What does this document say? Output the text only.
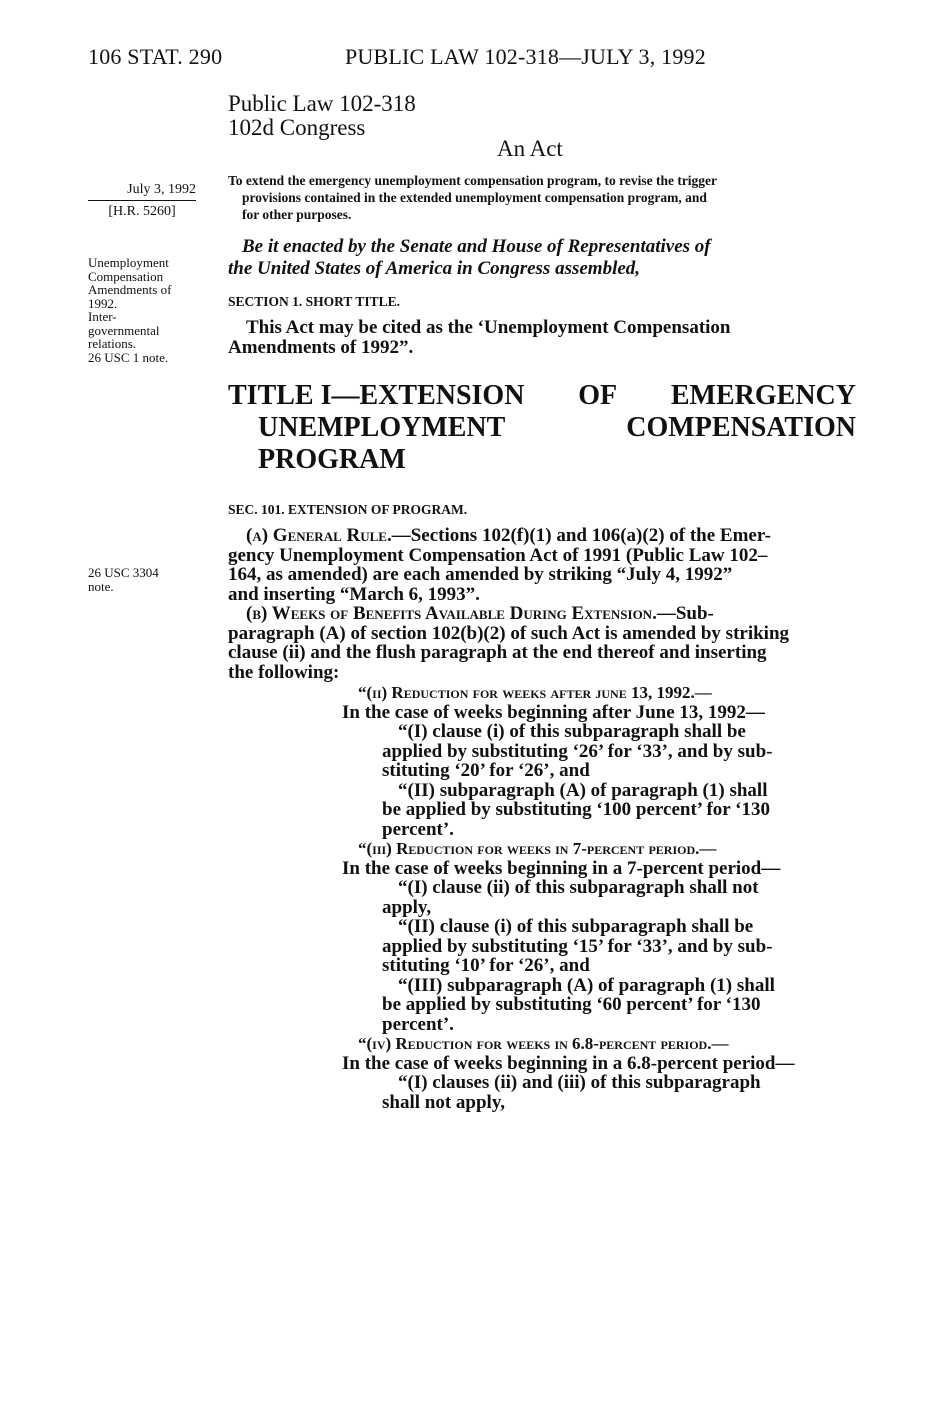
106 STAT. 290	PUBLIC LAW 102-318—JULY 3, 1992
Public Law 102-318
102d Congress
An Act
July 3, 1992
[H.R. 5260]
To extend the emergency unemployment compensation program, to revise the trigger
provisions contained in the extended unemployment compensation program, and
for other purposes.
Unemployment
Compensation
Amendments of
1992.
Inter-
governmental
relations.
26 USC 1 note.
Be it enacted by the Senate and House of Representatives of
the United States of America in Congress assembled,
SECTION 1. SHORT TITLE.
This Act may be cited as the ‘Unemployment Compensation
Amendments of 1992”.
TITLE I—EXTENSION OF EMERGENCY
UNEMPLOYMENT	COMPENSATION
PROGRAM
SEC. 101. EXTENSION OF PROGRAM.
(a) General Rule.—Sections 102(f)(1) and 106(a)(2) of the Emer-
gency Unemployment Compensation Act of 1991 (Public Law 102–
164, as amended) are each amended by striking “July 4, 1992”
and inserting “March 6, 1993”.
26 USC 3304
note.
(b) Weeks of Benefits Available During Extension.—Sub-
paragraph (A) of section 102(b)(2) of such Act is amended by striking
clause (ii) and the flush paragraph at the end thereof and inserting
the following:
“(ii) Reduction for weeks after june 13, 1992.—
In the case of weeks beginning after June 13, 1992—
“(I) clause (i) of this subparagraph shall be
applied by substituting ‘26’ for ‘33’, and by sub-
stituting ‘20’ for ‘26’, and
“(II) subparagraph (A) of paragraph (1) shall
be applied by substituting ‘100 percent’ for ‘130
percent’.
“(iii) Reduction for weeks in 7-percent period.—
In the case of weeks beginning in a 7-percent period—
“(I) clause (ii) of this subparagraph shall not
apply,
“(II) clause (i) of this subparagraph shall be
applied by substituting ‘15’ for ‘33’, and by sub-
stituting ‘10’ for ‘26’, and
“(III) subparagraph (A) of paragraph (1) shall
be applied by substituting ‘60 percent’ for ‘130
percent’.
“(iv) Reduction for weeks in 6.8-percent period.—
In the case of weeks beginning in a 6.8-percent period—
“(I) clauses (ii) and (iii) of this subparagraph
shall not apply,
